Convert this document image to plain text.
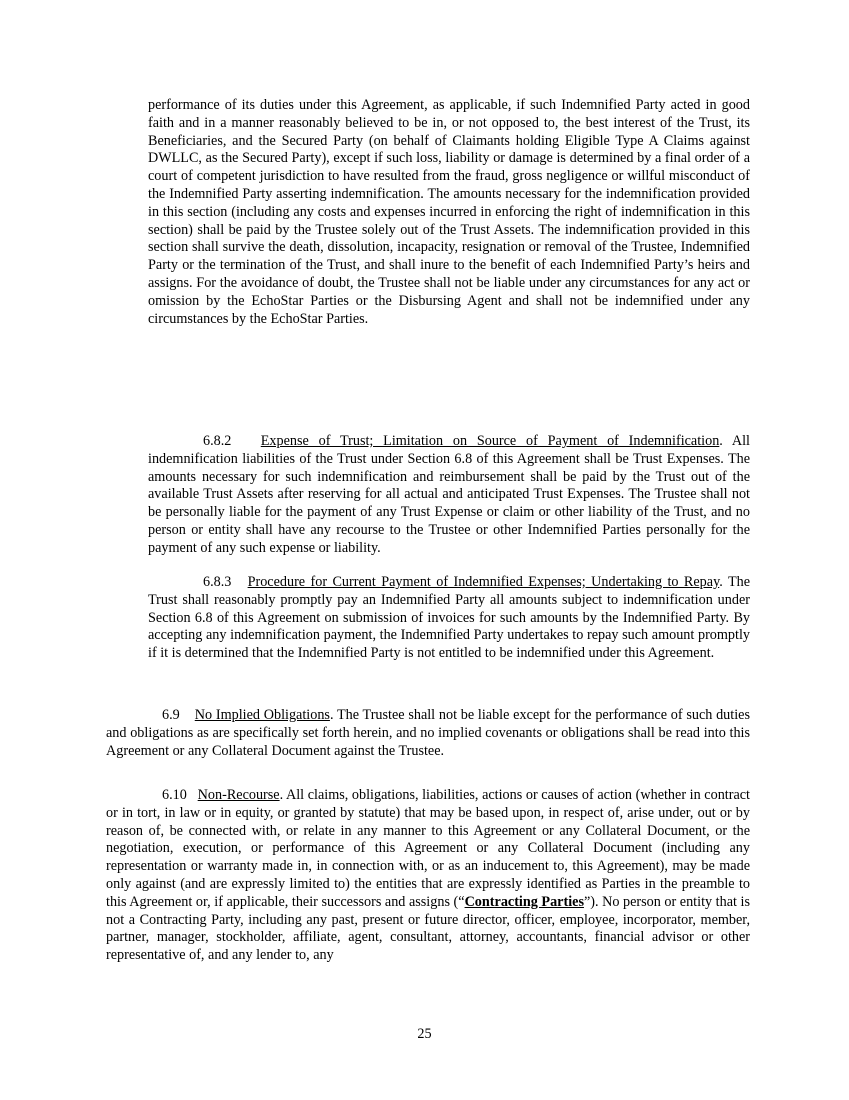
performance of its duties under this Agreement, as applicable, if such Indemnified Party acted in good faith and in a manner reasonably believed to be in, or not opposed to, the best interest of the Trust, its Beneficiaries, and the Secured Party (on behalf of Claimants holding Eligible Type A Claims against DWLLC, as the Secured Party), except if such loss, liability or damage is determined by a final order of a court of competent jurisdiction to have resulted from the fraud, gross negligence or willful misconduct of the Indemnified Party asserting indemnification. The amounts necessary for the indemnification provided in this section (including any costs and expenses incurred in enforcing the right of indemnification in this section) shall be paid by the Trustee solely out of the Trust Assets. The indemnification provided in this section shall survive the death, dissolution, incapacity, resignation or removal of the Trustee, Indemnified Party or the termination of the Trust, and shall inure to the benefit of each Indemnified Party’s heirs and assigns. For the avoidance of doubt, the Trustee shall not be liable under any circumstances for any act or omission by the EchoStar Parties or the Disbursing Agent and shall not be indemnified under any circumstances by the EchoStar Parties.

6.8.2 Expense of Trust; Limitation on Source of Payment of Indemnification. All indemnification liabilities of the Trust under Section 6.8 of this Agreement shall be Trust Expenses. The amounts necessary for such indemnification and reimbursement shall be paid by the Trust out of the available Trust Assets after reserving for all actual and anticipated Trust Expenses. The Trustee shall not be personally liable for the payment of any Trust Expense or claim or other liability of the Trust, and no person or entity shall have any recourse to the Trustee or other Indemnified Parties personally for the payment of any such expense or liability.

6.8.3 Procedure for Current Payment of Indemnified Expenses; Undertaking to Repay. The Trust shall reasonably promptly pay an Indemnified Party all amounts subject to indemnification under Section 6.8 of this Agreement on submission of invoices for such amounts by the Indemnified Party. By accepting any indemnification payment, the Indemnified Party undertakes to repay such amount promptly if it is determined that the Indemnified Party is not entitled to be indemnified under this Agreement.

6.9 No Implied Obligations. The Trustee shall not be liable except for the performance of such duties and obligations as are specifically set forth herein, and no implied covenants or obligations shall be read into this Agreement or any Collateral Document against the Trustee.

6.10 Non-Recourse. All claims, obligations, liabilities, actions or causes of action (whether in contract or in tort, in law or in equity, or granted by statute) that may be based upon, in respect of, arise under, out or by reason of, be connected with, or relate in any manner to this Agreement or any Collateral Document, or the negotiation, execution, or performance of this Agreement or any Collateral Document (including any representation or warranty made in, in connection with, or as an inducement to, this Agreement), may be made only against (and are expressly limited to) the entities that are expressly identified as Parties in the preamble to this Agreement or, if applicable, their successors and assigns (“Contracting Parties”). No person or entity that is not a Contracting Party, including any past, present or future director, officer, employee, incorporator, member, partner, manager, stockholder, affiliate, agent, consultant, attorney, accountants, financial advisor or other representative of, and any lender to, any

25
